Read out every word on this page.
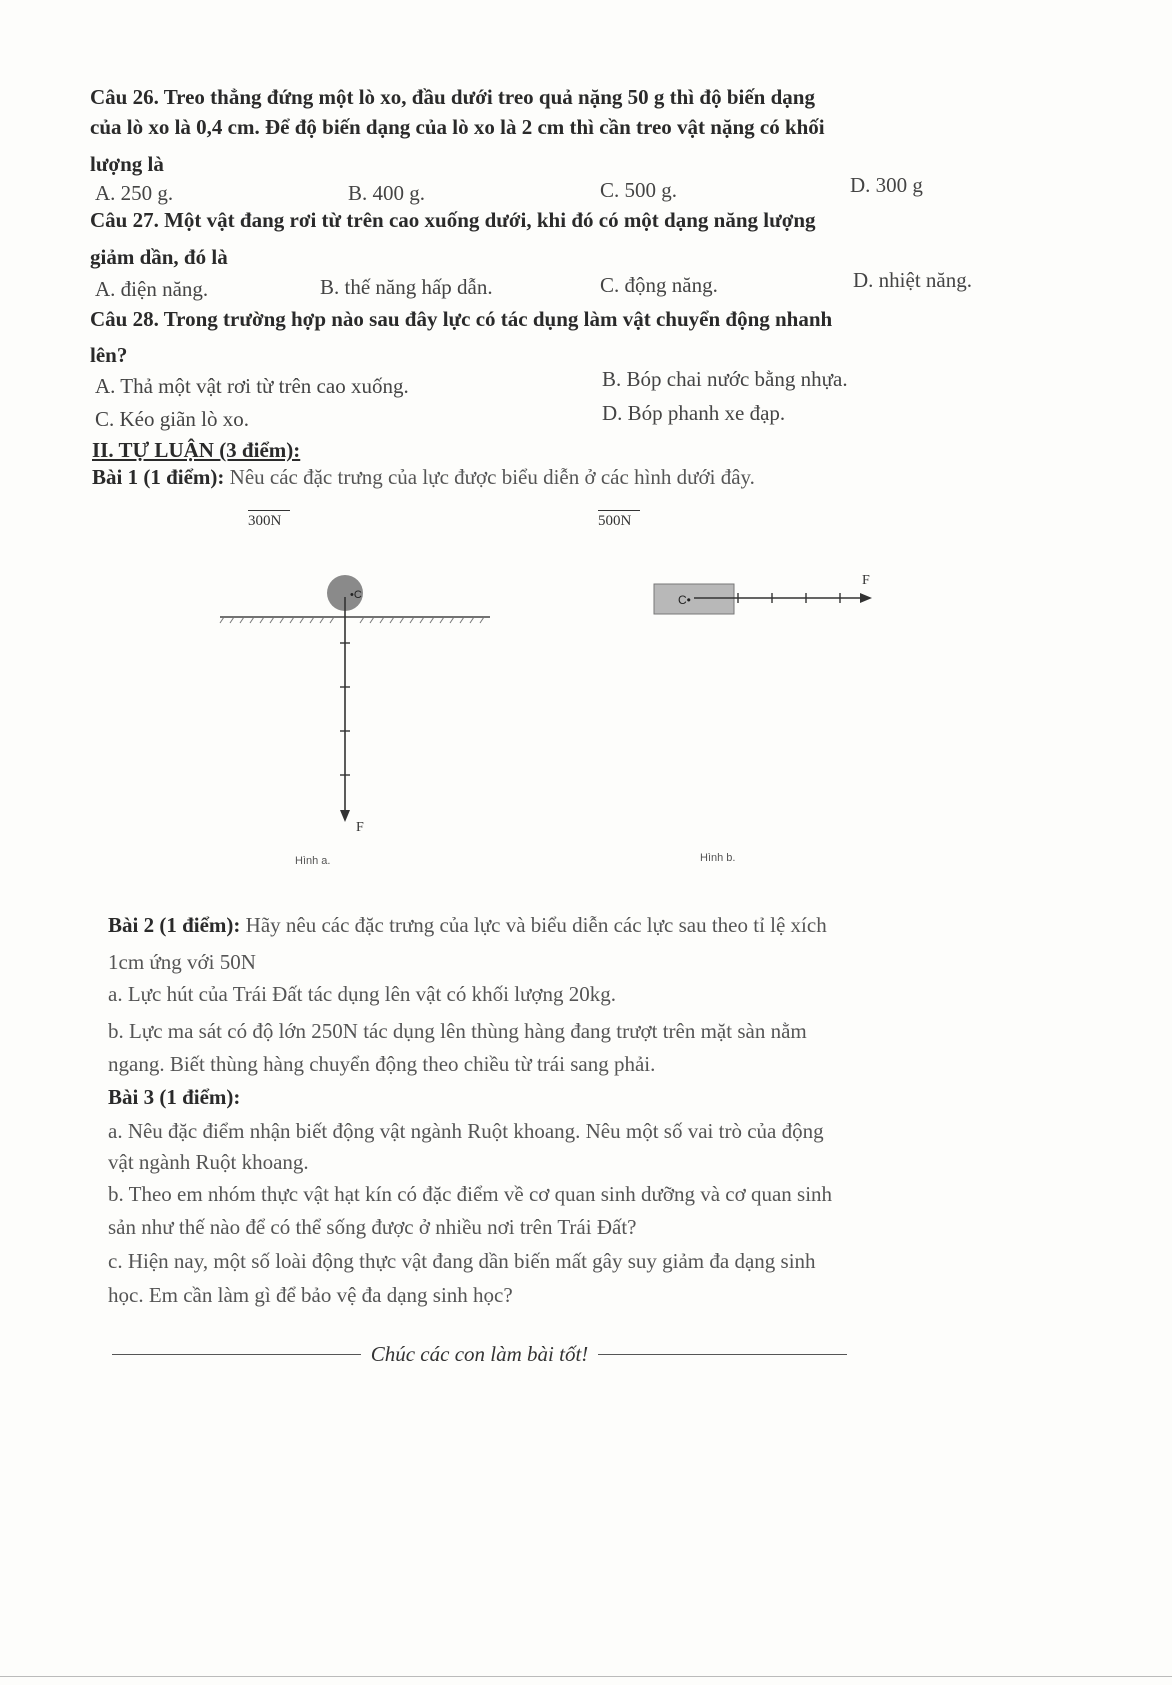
Câu 26. Treo thẳng đứng một lò xo, đầu dưới treo quả nặng 50 g thì độ biến dạng
của lò xo là 0,4 cm. Để độ biến dạng của lò xo là 2 cm thì cần treo vật nặng có khối
lượng là
A. 250 g.	B. 400 g.	C. 500 g.	D. 300 g
Câu 27. Một vật đang rơi từ trên cao xuống dưới, khi đó có một dạng năng lượng
giảm dần, đó là
A. điện năng.	B. thế năng hấp dẫn.	C. động năng.	D. nhiệt năng.
Câu 28. Trong trường hợp nào sau đây lực có tác dụng làm vật chuyển động nhanh
lên?
A. Thả một vật rơi từ trên cao xuống.	B. Bóp chai nước bằng nhựa.
C. Kéo giãn lò xo.	D. Bóp phanh xe đạp.
II. TỰ LUẬN (3 điểm):
Bài 1 (1 điểm): Nêu các đặc trưng của lực được biểu diễn ở các hình dưới đây.
300N
•C
F
Hình a.
500N
C•
F
Hình b.
Bài 2 (1 điểm): Hãy nêu các đặc trưng của lực và biểu diễn các lực sau theo tỉ lệ xích
1cm ứng với 50N
a. Lực hút của Trái Đất tác dụng lên vật có khối lượng 20kg.
b. Lực ma sát có độ lớn 250N tác dụng lên thùng hàng đang trượt trên mặt sàn nằm
ngang. Biết thùng hàng chuyển động theo chiều từ trái sang phải.
Bài 3 (1 điểm):
a. Nêu đặc điểm nhận biết động vật ngành Ruột khoang. Nêu một số vai trò của động
vật ngành Ruột khoang.
b. Theo em nhóm thực vật hạt kín có đặc điểm về cơ quan sinh dưỡng và cơ quan sinh
sản như thế nào để có thể sống được ở nhiều nơi trên Trái Đất?
c. Hiện nay, một số loài động thực vật đang dần biến mất gây suy giảm đa dạng sinh
học. Em cần làm gì để bảo vệ đa dạng sinh học?
Chúc các con làm bài tốt!
